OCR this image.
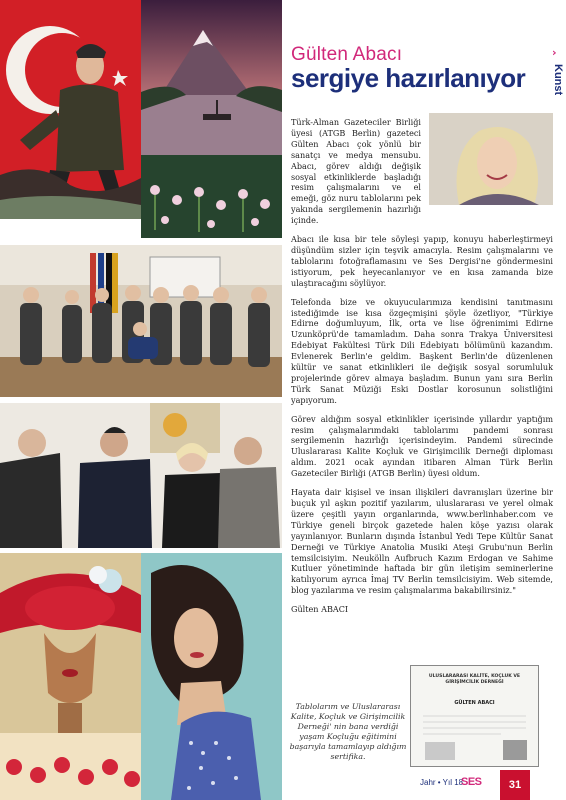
ULUSLARARASI KALİTE, KOÇLUK VE GİRİŞİMCİLİK DERNEĞİ
GÜLTEN ABACI
Gülten Abacı
sergiye hazırlanıyor
›
Kunst

Türk-Alman Gazeteciler Birliği üyesi (ATGB Berlin) gazeteci Gülten Abacı çok yönlü bir sanatçı ve medya mensubu. Abacı, görev aldığı değişik sosyal etkinliklerde başladığı resim çalışmalarını ve el emeği, göz nuru tablolarını pek yakında sergilemenin hazırlığı içinde.

Abacı ile kısa bir tele söyleşi yapıp, konuyu haberleştirmeyi düşündüm sizler için teşvik amacıyla. Resim çalışmalarını ve tablolarını fotoğraflamasını ve Ses Dergisi'ne göndermesini istiyorum, pek heyecanlanıyor ve en kısa zamanda bize ulaştıracağını söylüyor.

Telefonda bize ve okuyucularımıza kendisini tanıtmasını istediğimde ise kısa özgeçmişini şöyle özetliyor, "Türkiye Edirne doğumluyum, İlk, orta ve lise öğrenimimi Edirne Uzunköprü'de tamamladım. Daha sonra Trakya Üniversitesi Edebiyat Fakültesi Türk Dili Edebiyatı bölümünü kazandım. Evlenerek Berlin'e geldim. Başkent Berlin'de düzenlenen kültür ve sanat etkinlikleri ile değişik sosyal sorumluluk projelerinde görev almaya başladım. Bunun yanı sıra Berlin Türk Sanat Müziği Eski Dostlar korosunun solistliğini yapıyorum.

Görev aldığım sosyal etkinlikler içerisinde yıllardır yaptığım resim çalışmalarımdaki tablolarımı pandemi sonrası sergilemenin hazırlığı içerisindeyim. Pandemi sürecinde Uluslararası Kalite Koçluk ve Girişimcilik Derneği diploması aldım. 2021 ocak ayından itibaren Alman Türk Berlin Gazeteciler Birliği (ATGB Berlin) üyesi oldum.

Hayata dair kişisel ve insan ilişkileri davranışları üzerine bir buçuk yıl aşkın pozitif yazılarım, uluslararası ve yerel olmak üzere çeşitli yayın organlarında, www.berlinhaber.com ve Türkiye geneli birçok gazetede halen köşe yazısı olarak yayınlanıyor. Bunların dışında İstanbul Yedi Tepe Kültür Sanat Derneği ve Türkiye Anatolia Musiki Ateşi Grubu'nun Berlin temsilcisiyim. Neukölln Aufbruch Kazım Erdogan ve Sahime Kutluer yönetiminde haftada bir gün iletişim seminerlerine katılıyorum ayrıca İmaj TV Berlin temsilcisiyim. Web sitemde, blog yazılarıma ve resim çalışmalarıma bakabilirsiniz."

Gülten ABACI

Tablolarım ve Uluslararası Kalite, Koçluk ve Girişimcilik Derneği' nin bana verdiği yaşam Koçluğu eğitimini başarıyla tamamlayıp aldığım sertifika.
Jahr • Yıl 18
SES	31
